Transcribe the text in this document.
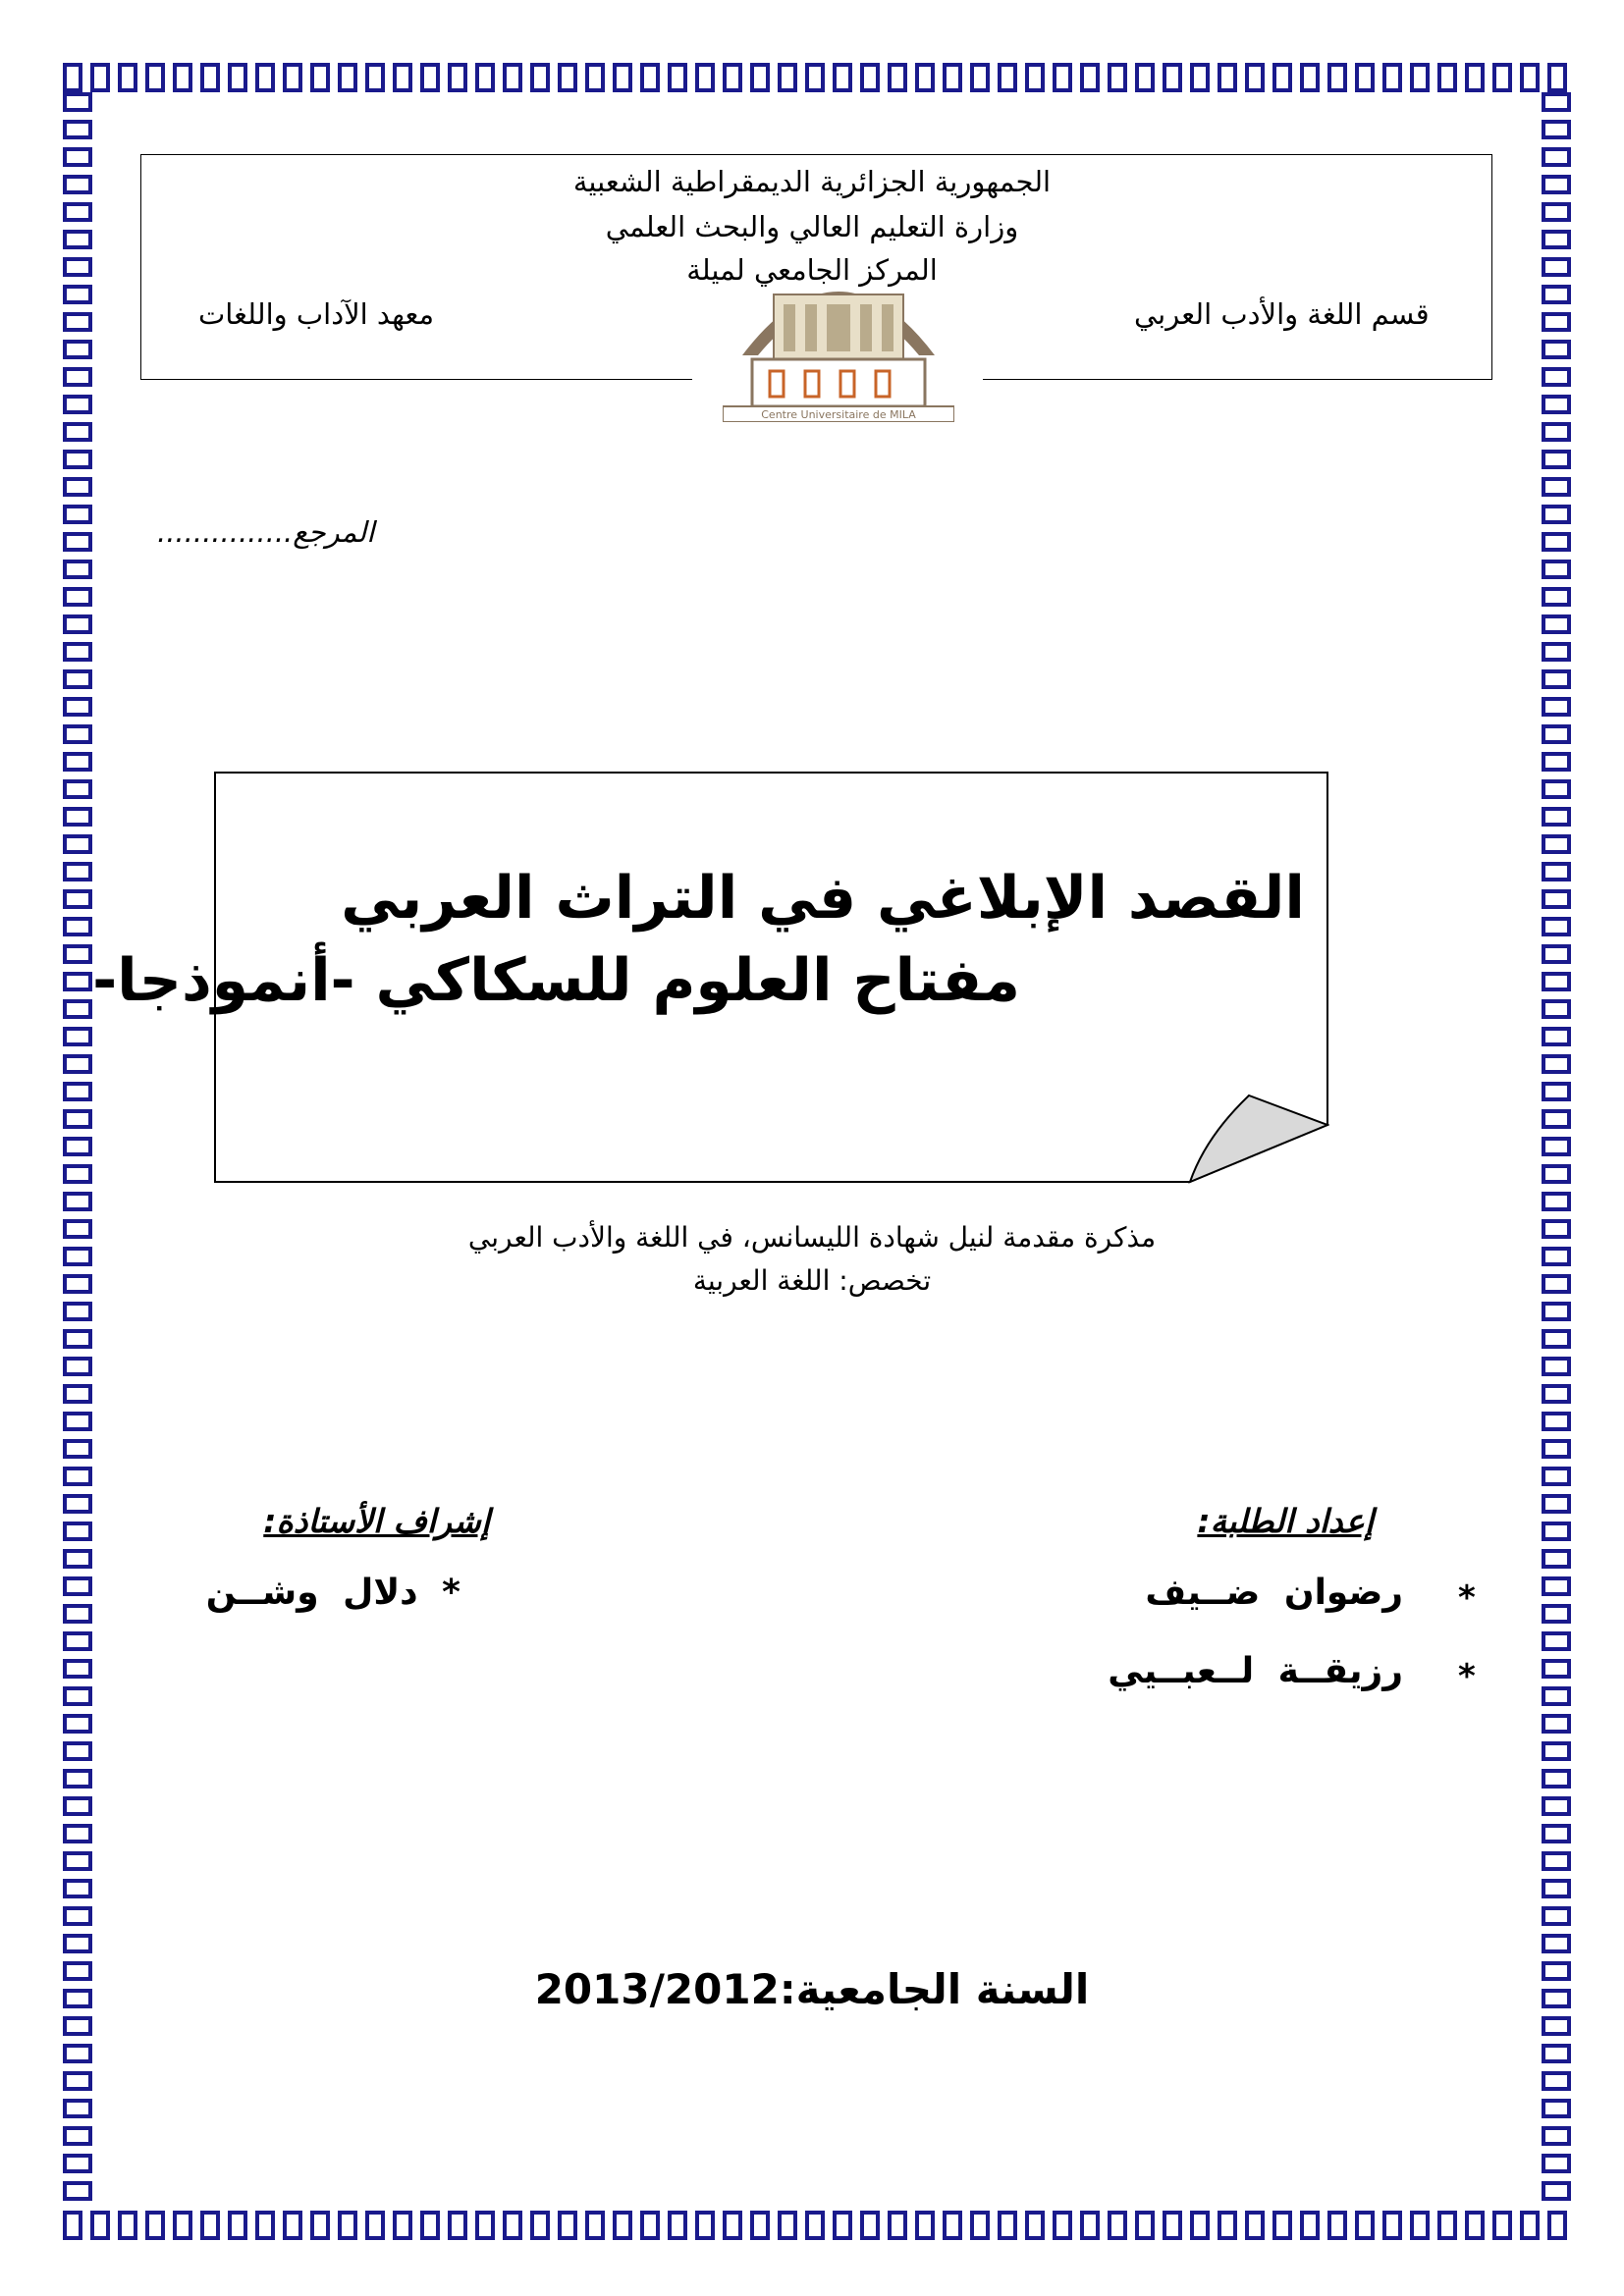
الجمهورية الجزائرية الديمقراطية الشعبية
وزارة التعليم العالي والبحث العلمي
المركز الجامعي لميلة
قسم اللغة والأدب العربي
معهد الآداب واللغات
Centre Universitaire de MILA
المرجع...............
القصد الإبلاغي في التراث العربي
مفتاح العلوم للسكاكي -أنموذجا-
مذكرة مقدمة لنيل شهادة الليسانس، في اللغة والأدب العربي
تخصص: اللغة العربية
إعداد الطلبة:
*
رضوان ضــيف
*
رزيقــة لــعبــيي
إشراف الأستاذة:
* دلال وشــن
السنة الجامعية:2013/2012
